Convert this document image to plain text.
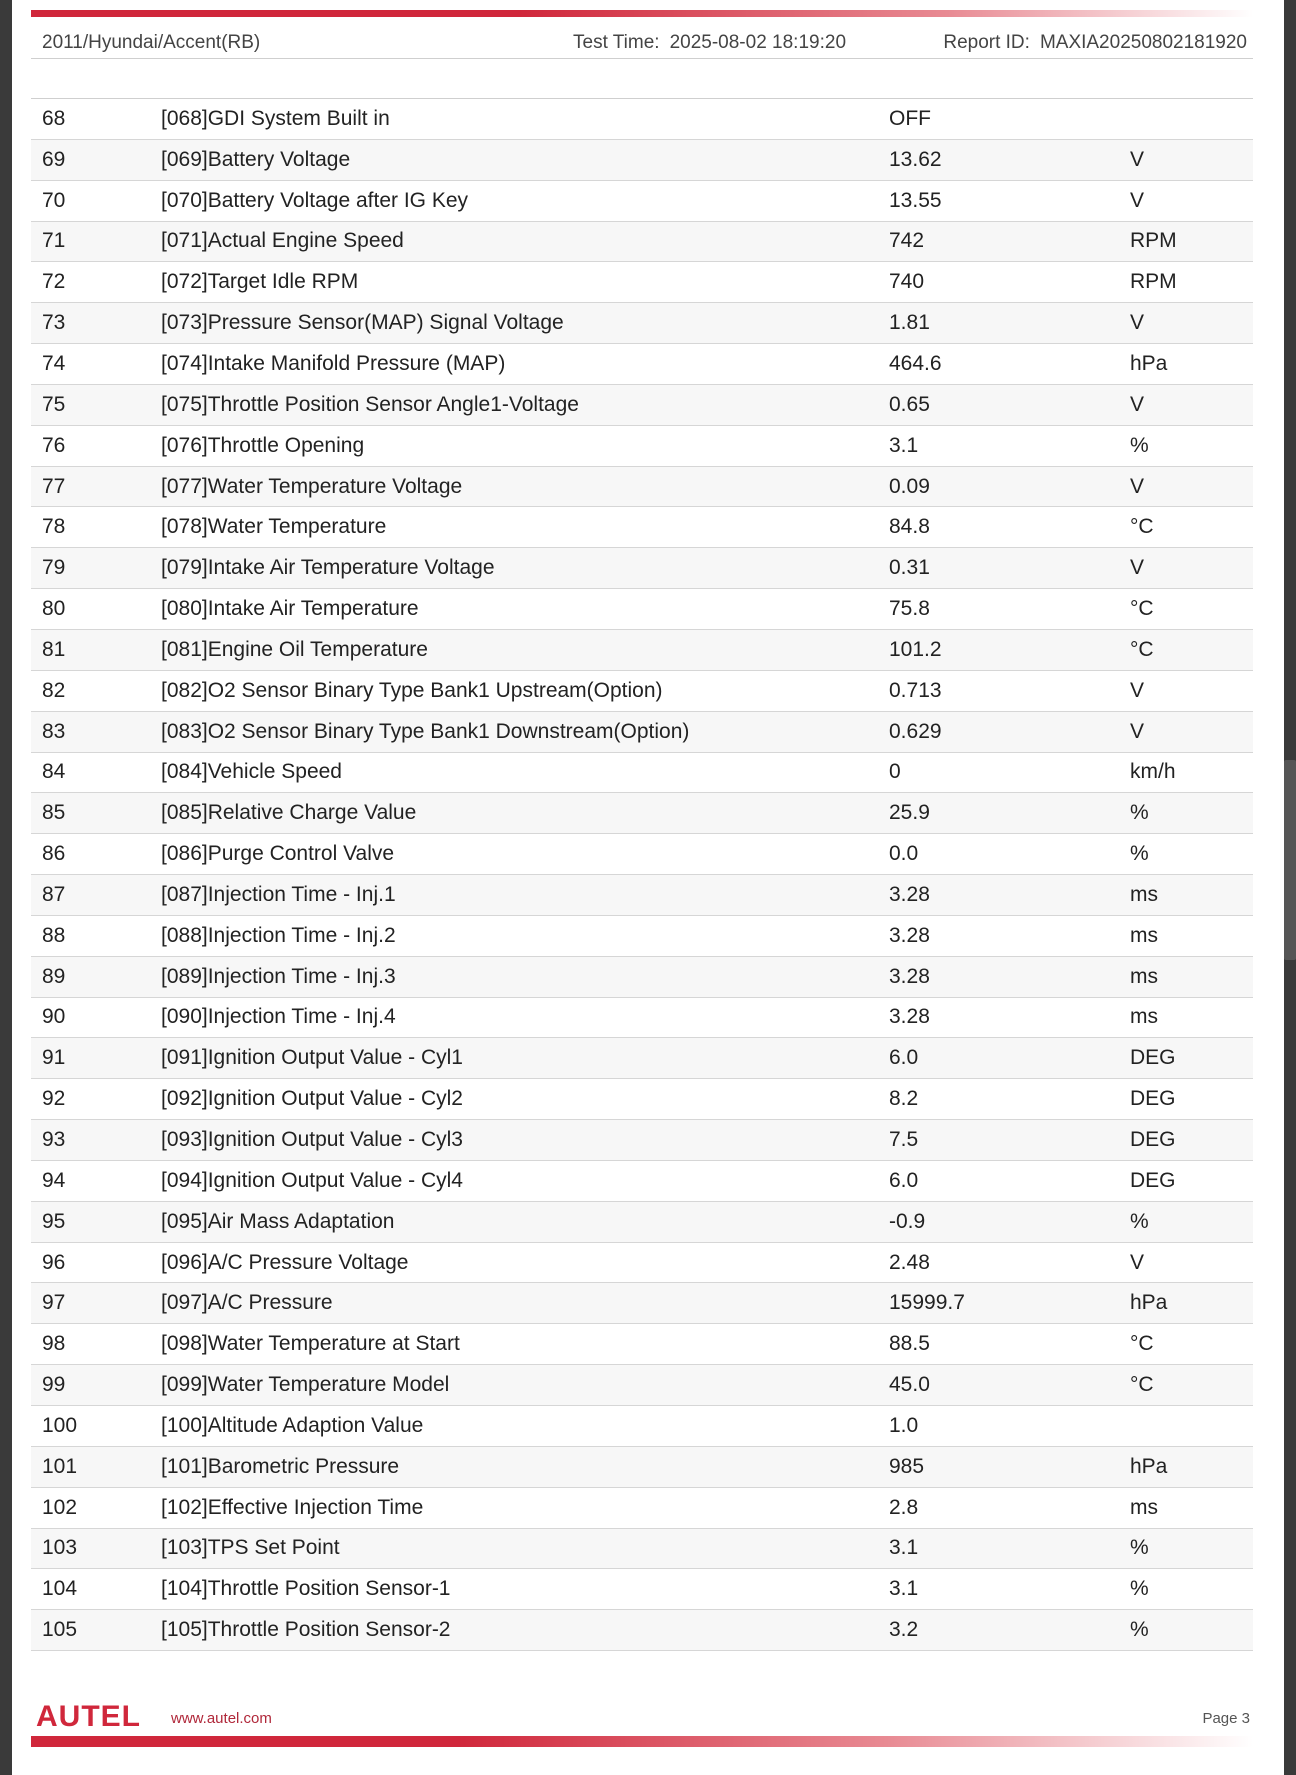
2011/Hyundai/Accent(RB)	Test Time: 2025-08-02 18:19:20	Report ID: MAXIA20250802181920
68	[068]GDI System Built in	OFF	
69	[069]Battery Voltage	13.62	V
70	[070]Battery Voltage after IG Key	13.55	V
71	[071]Actual Engine Speed	742	RPM
72	[072]Target Idle RPM	740	RPM
73	[073]Pressure Sensor(MAP) Signal Voltage	1.81	V
74	[074]Intake Manifold Pressure (MAP)	464.6	hPa
75	[075]Throttle Position Sensor Angle1-Voltage	0.65	V
76	[076]Throttle Opening	3.1	%
77	[077]Water Temperature Voltage	0.09	V
78	[078]Water Temperature	84.8	°C
79	[079]Intake Air Temperature Voltage	0.31	V
80	[080]Intake Air Temperature	75.8	°C
81	[081]Engine Oil Temperature	101.2	°C
82	[082]O2 Sensor Binary Type Bank1 Upstream(Option)	0.713	V
83	[083]O2 Sensor Binary Type Bank1 Downstream(Option)	0.629	V
84	[084]Vehicle Speed	0	km/h
85	[085]Relative Charge Value	25.9	%
86	[086]Purge Control Valve	0.0	%
87	[087]Injection Time - Inj.1	3.28	ms
88	[088]Injection Time - Inj.2	3.28	ms
89	[089]Injection Time - Inj.3	3.28	ms
90	[090]Injection Time - Inj.4	3.28	ms
91	[091]Ignition Output Value - Cyl1	6.0	DEG
92	[092]Ignition Output Value - Cyl2	8.2	DEG
93	[093]Ignition Output Value - Cyl3	7.5	DEG
94	[094]Ignition Output Value - Cyl4	6.0	DEG
95	[095]Air Mass Adaptation	-0.9	%
96	[096]A/C Pressure Voltage	2.48	V
97	[097]A/C Pressure	15999.7	hPa
98	[098]Water Temperature at Start	88.5	°C
99	[099]Water Temperature Model	45.0	°C
100	[100]Altitude Adaption Value	1.0	
101	[101]Barometric Pressure	985	hPa
102	[102]Effective Injection Time	2.8	ms
103	[103]TPS Set Point	3.1	%
104	[104]Throttle Position Sensor-1	3.1	%
105	[105]Throttle Position Sensor-2	3.2	%
AUTEL www.autel.com	Page 3
